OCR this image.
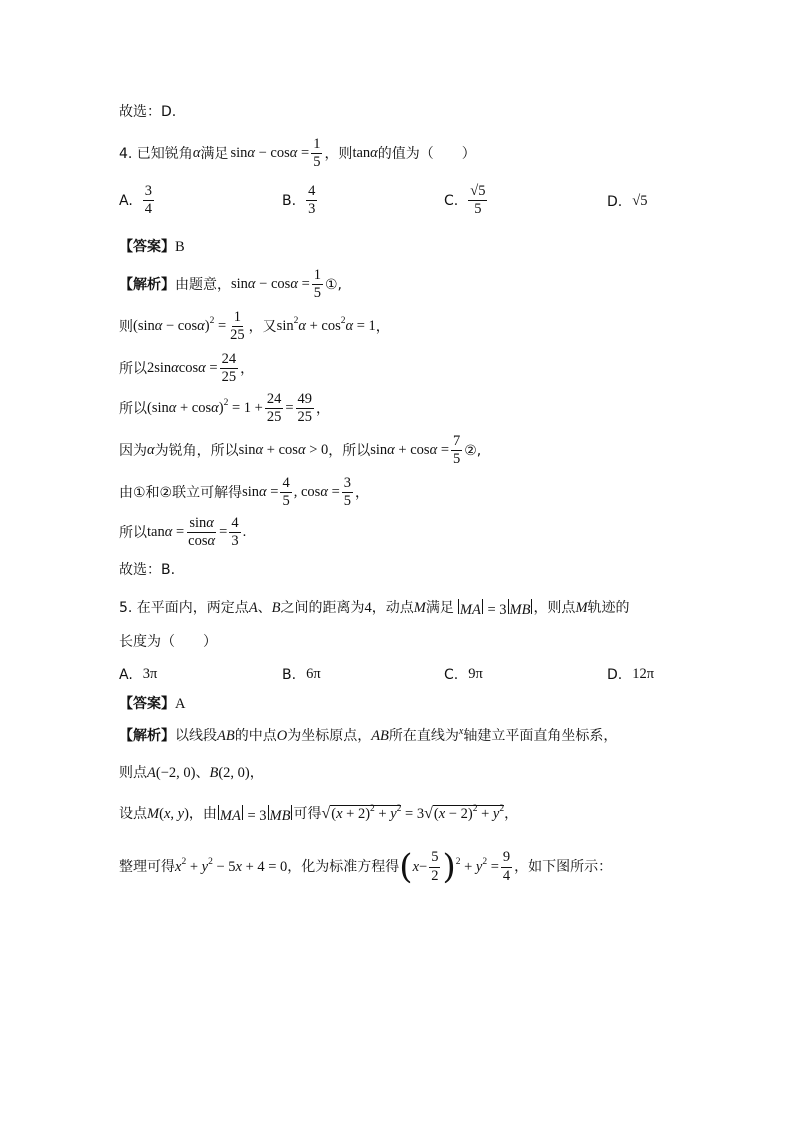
故选：D.
4. 已知锐角 α 满足 $\sin\alpha - \cos\alpha = \frac{1}{5}$ ，则 tanα 的值为（　　）
A. $\frac{3}{4}$	B. $\frac{4}{3}$	C. $\frac{√5}{5}$	D. √5
【答案】 B
【解析】 由题意， $\sin\alpha - \cos\alpha = \frac{1}{5}$ ①,
则 $(\sin\alpha - \cos\alpha)^2 = \frac{1}{25}$ ，又 $\sin^2\alpha + \cos^2\alpha = 1$ ，
所以 $2\sin\alpha\cos\alpha = \frac{24}{25}$ ，
所以 $(\sin\alpha + \cos\alpha)^2 = 1 + \frac{24}{25} = \frac{49}{25}$ ，
因为 α 为锐角，所以 sinα + cosα > 0 ，所以 $\sin\alpha + \cos\alpha = \frac{7}{5}$ ②,
由①和②联立可解得 $\sin\alpha = \frac{4}{5}$ , $\cos\alpha = \frac{3}{5}$ ，
所以 $\tan\alpha = \frac{\sin\alpha}{\cos\alpha} = \frac{4}{3}$ .
故选：B.
5. 在平面内，两定点 A 、 B 之间的距离为 4 ，动点 M 满足 MA = 3 MB ，则点 M 轨迹的
长度为（　　）
A. 3π	B. 6π	C. 9π	D. 12π
【答案】 A
【解析】 以线段 AB 的中点 O 为坐标原点， AB 所在直线为 x 轴建立平面直角坐标系，
则点 A(−2, 0) 、 B(2, 0) ，
设点 M(x, y) ，由 MA = 3 MB 可得 $√(x + 2)^2 + y^2 = 3√(x - 2)^2 + y^2$ ，
整理可得 $x^2 + y^2 - 5x + 4 = 0$ ，化为标准方程得 ( $x - \frac{5}{2}$ ) $^2 + y^2 = \frac{9}{4}$ ，如下图所示：
